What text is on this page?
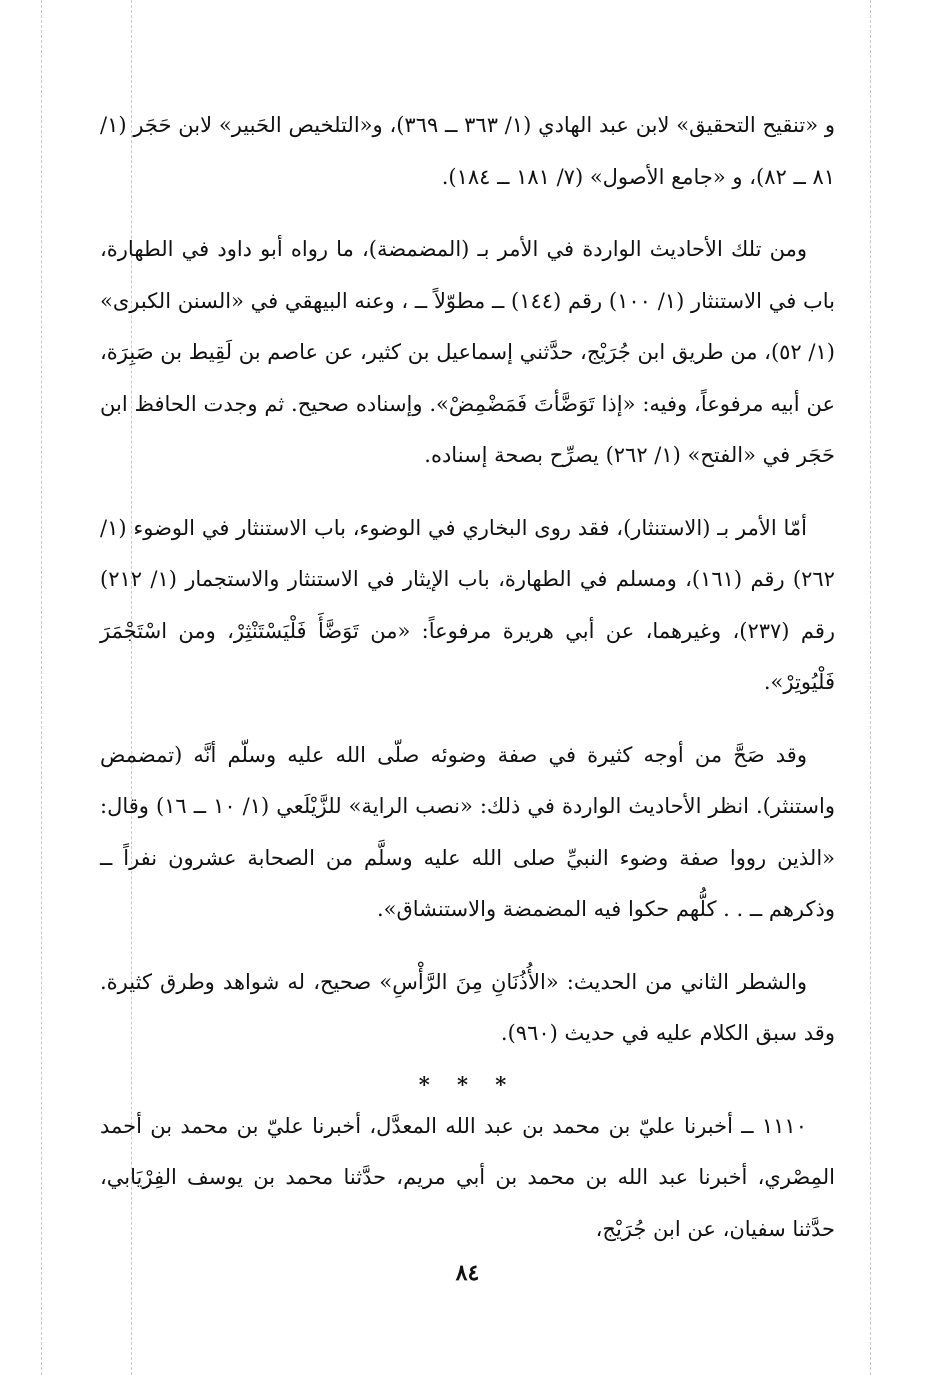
و «تنقيح التحقيق» لابن عبد الهادي (١/ ٣٦٣ ــ ٣٦٩)، و«التلخيص الحَبير» لابن حَجَر (١/ ٨١ ــ ٨٢)، و «جامع الأصول» (٧/ ١٨١ ــ ١٨٤).

ومن تلك الأحاديث الواردة في الأمر بـ (المضمضة)، ما رواه أبو داود في الطهارة، باب في الاستنثار (١/ ١٠٠) رقم (١٤٤) ــ مطوّلاً ــ ، وعنه البيهقي في «السنن الكبرى» (١/ ٥٢)، من طريق ابن جُرَيْج، حدَّثني إسماعيل بن كثير، عن عاصم بن لَقِيط بن صَبِرَة، عن أبيه مرفوعاً، وفيه: «إذا تَوَضَّأتَ فَمَضْمِضْ». وإسناده صحيح. ثم وجدت الحافظ ابن حَجَر في «الفتح» (١/ ٢٦٢) يصرِّح بصحة إسناده.

أمّا الأمر بـ (الاستنثار)، فقد روى البخاري في الوضوء، باب الاستنثار في الوضوء (١/ ٢٦٢) رقم (١٦١)، ومسلم في الطهارة، باب الإيثار في الاستنثار والاستجمار (١/ ٢١٢) رقم (٢٣٧)، وغيرهما، عن أبي هريرة مرفوعاً: «من تَوَضَّأَ فَلْيَسْتَنْثِرْ، ومن اسْتَجْمَرَ فَلْيُوتِرْ».

وقد صَحَّ من أوجه كثيرة في صفة وضوئه صلّى الله عليه وسلّم أنَّه (تمضمض واستنثر). انظر الأحاديث الواردة في ذلك: «نصب الراية» للزَّيْلَعي (١/ ١٠ ــ ١٦) وقال: «الذين رووا صفة وضوء النبيِّ صلى الله عليه وسلَّم من الصحابة عشرون نفراً ــ وذكرهم ــ . . كلُّهم حكوا فيه المضمضة والاستنشاق».

والشطر الثاني من الحديث: «الأُذُنَانِ مِنَ الرَّأْسِ» صحيح، له شواهد وطرق كثيرة. وقد سبق الكلام عليه في حديث (٩٦٠).

* * *

١١١٠ ــ أخبرنا عليّ بن محمد بن عبد الله المعدَّل، أخبرنا عليّ بن محمد بن أحمد المِصْري، أخبرنا عبد الله بن محمد بن أبي مريم، حدَّثنا محمد بن يوسف الفِرْيَابي، حدَّثنا سفيان، عن ابن جُرَيْج،

٨٤
